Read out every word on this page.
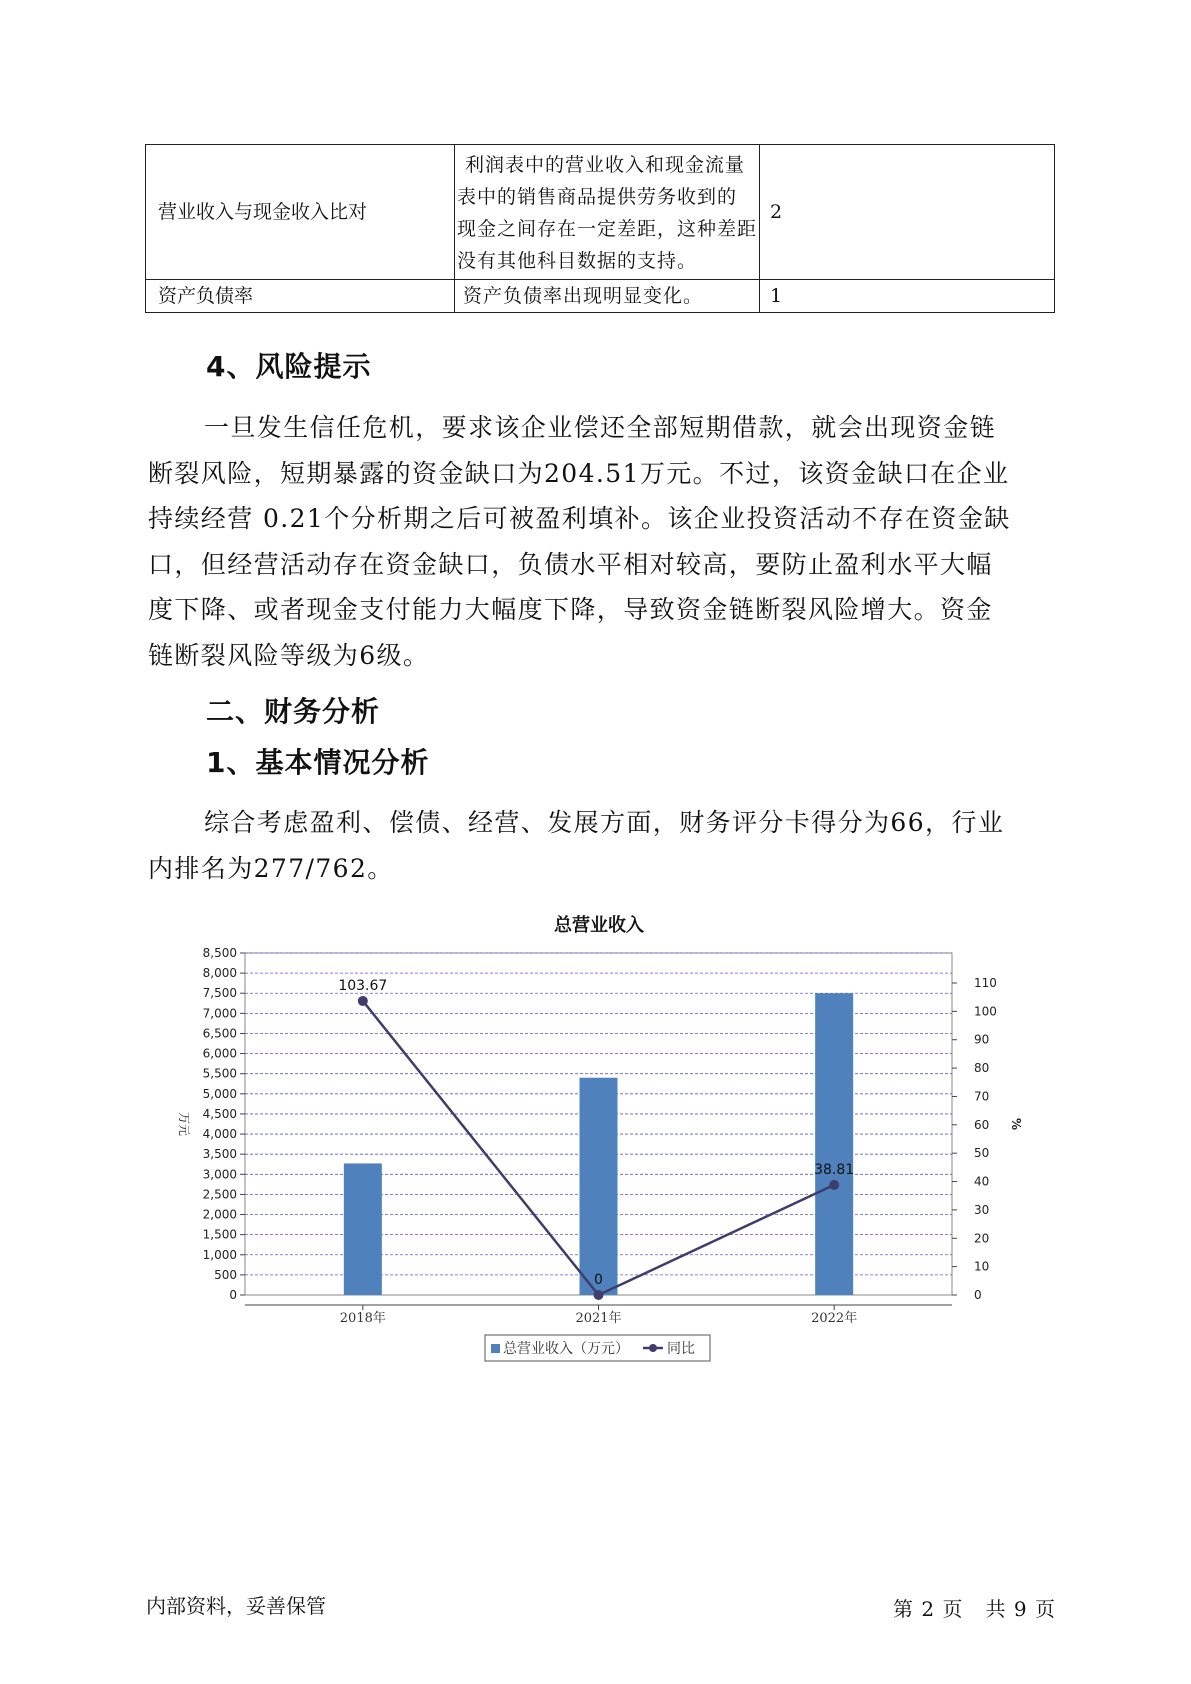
营业收入与现金收入比对	利润表中的营业收入和现金流量
表中的销售商品提供劳务收到的
现金之间存在一定差距，这种差距
没有其他科目数据的支持。	2
资产负债率	资产负债率出现明显变化。	1
4、风险提示

一旦发生信任危机，要求该企业偿还全部短期借款，就会出现资金链

断裂风险，短期暴露的资金缺口为204.51万元。不过，该资金缺口在企业

持续经营 0.21个分析期之后可被盈利填补。该企业投资活动不存在资金缺

口，但经营活动存在资金缺口，负债水平相对较高，要防止盈利水平大幅

度下降、或者现金支付能力大幅度下降，导致资金链断裂风险增大。资金

链断裂风险等级为6级。

二、财务分析
1、基本情况分析

综合考虑盈利、偿债、经营、发展方面，财务评分卡得分为66，行业

内排名为277/762。

总营业收入
103.67
0
38.81
0
500
1,000
1,500
2,000
2,500
3,000
3,500
4,000
4,500
5,000
5,500
6,000
6,500
7,000
7,500
8,000
8,500
0
10
20
30
40
50
60
70
80
90
100
110
万元	%
2018年	2021年	2022年
总营业收入（万元）	同比
内部资料，妥善保管	第 2 页 共 9 页
